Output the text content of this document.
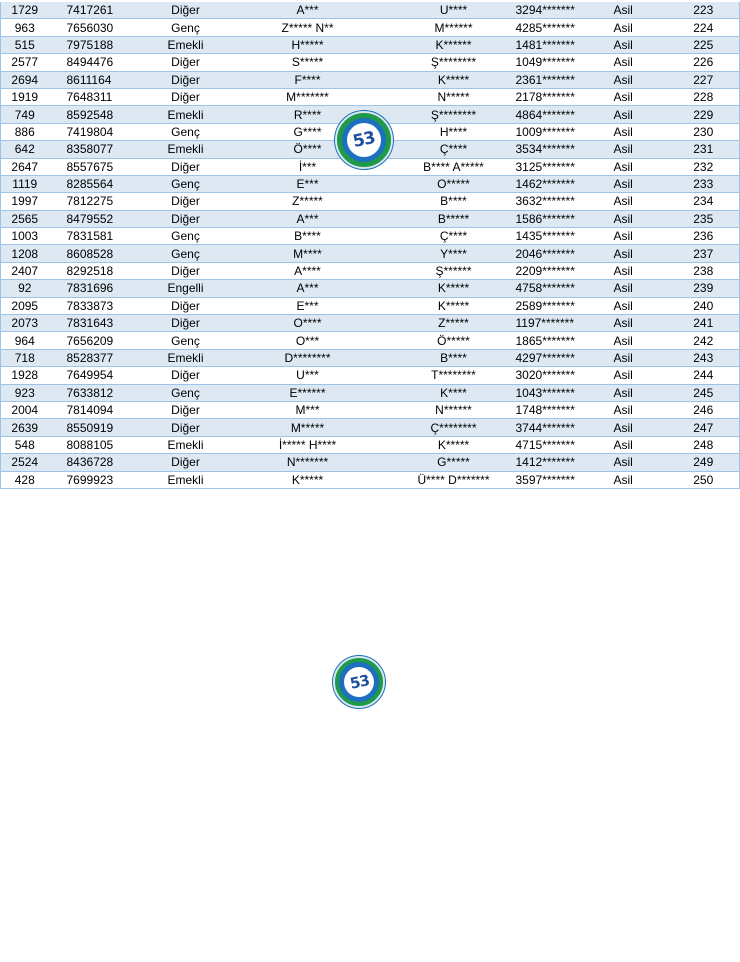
1729	7417261	Diğer	A***	U****	3294*******	Asil	223
963	7656030	Genç	Z***** N**	M******	4285*******	Asil	224
515	7975188	Emekli	H*****	K******	1481*******	Asil	225
2577	8494476	Diğer	S*****	Ş********	1049*******	Asil	226
2694	8611164	Diğer	F****	K*****	2361*******	Asil	227
1919	7648311	Diğer	M*******	N*****	2178*******	Asil	228
749	8592548	Emekli	R****	Ş********	4864*******	Asil	229
886	7419804	Genç	G****	H****	1009*******	Asil	230
642	8358077	Emekli	Ö****	Ç****	3534*******	Asil	231
2647	8557675	Diğer	İ***	B**** A*****	3125*******	Asil	232
1119	8285564	Genç	E***	O*****	1462*******	Asil	233
1997	7812275	Diğer	Z*****	B****	3632*******	Asil	234
2565	8479552	Diğer	A***	B*****	1586*******	Asil	235
1003	7831581	Genç	B****	Ç****	1435*******	Asil	236
1208	8608528	Genç	M****	Y****	2046*******	Asil	237
2407	8292518	Diğer	A****	Ş******	2209*******	Asil	238
92	7831696	Engelli	A***	K*****	4758*******	Asil	239
2095	7833873	Diğer	E***	K*****	2589*******	Asil	240
2073	7831643	Diğer	O****	Z*****	1197*******	Asil	241
964	7656209	Genç	O***	Ö*****	1865*******	Asil	242
718	8528377	Emekli	D********	B****	4297*******	Asil	243
1928	7649954	Diğer	U***	T********	3020*******	Asil	244
923	7633812	Genç	E******	K****	1043*******	Asil	245
2004	7814094	Diğer	M***	N******	1748*******	Asil	246
2639	8550919	Diğer	M*****	Ç********	3744*******	Asil	247
548	8088105	Emekli	İ***** H****	K*****	4715*******	Asil	248
2524	8436728	Diğer	N*******	G*****	1412*******	Asil	249
428	7699923	Emekli	K*****	Ü**** D*******	3597*******	Asil	250
53
53
